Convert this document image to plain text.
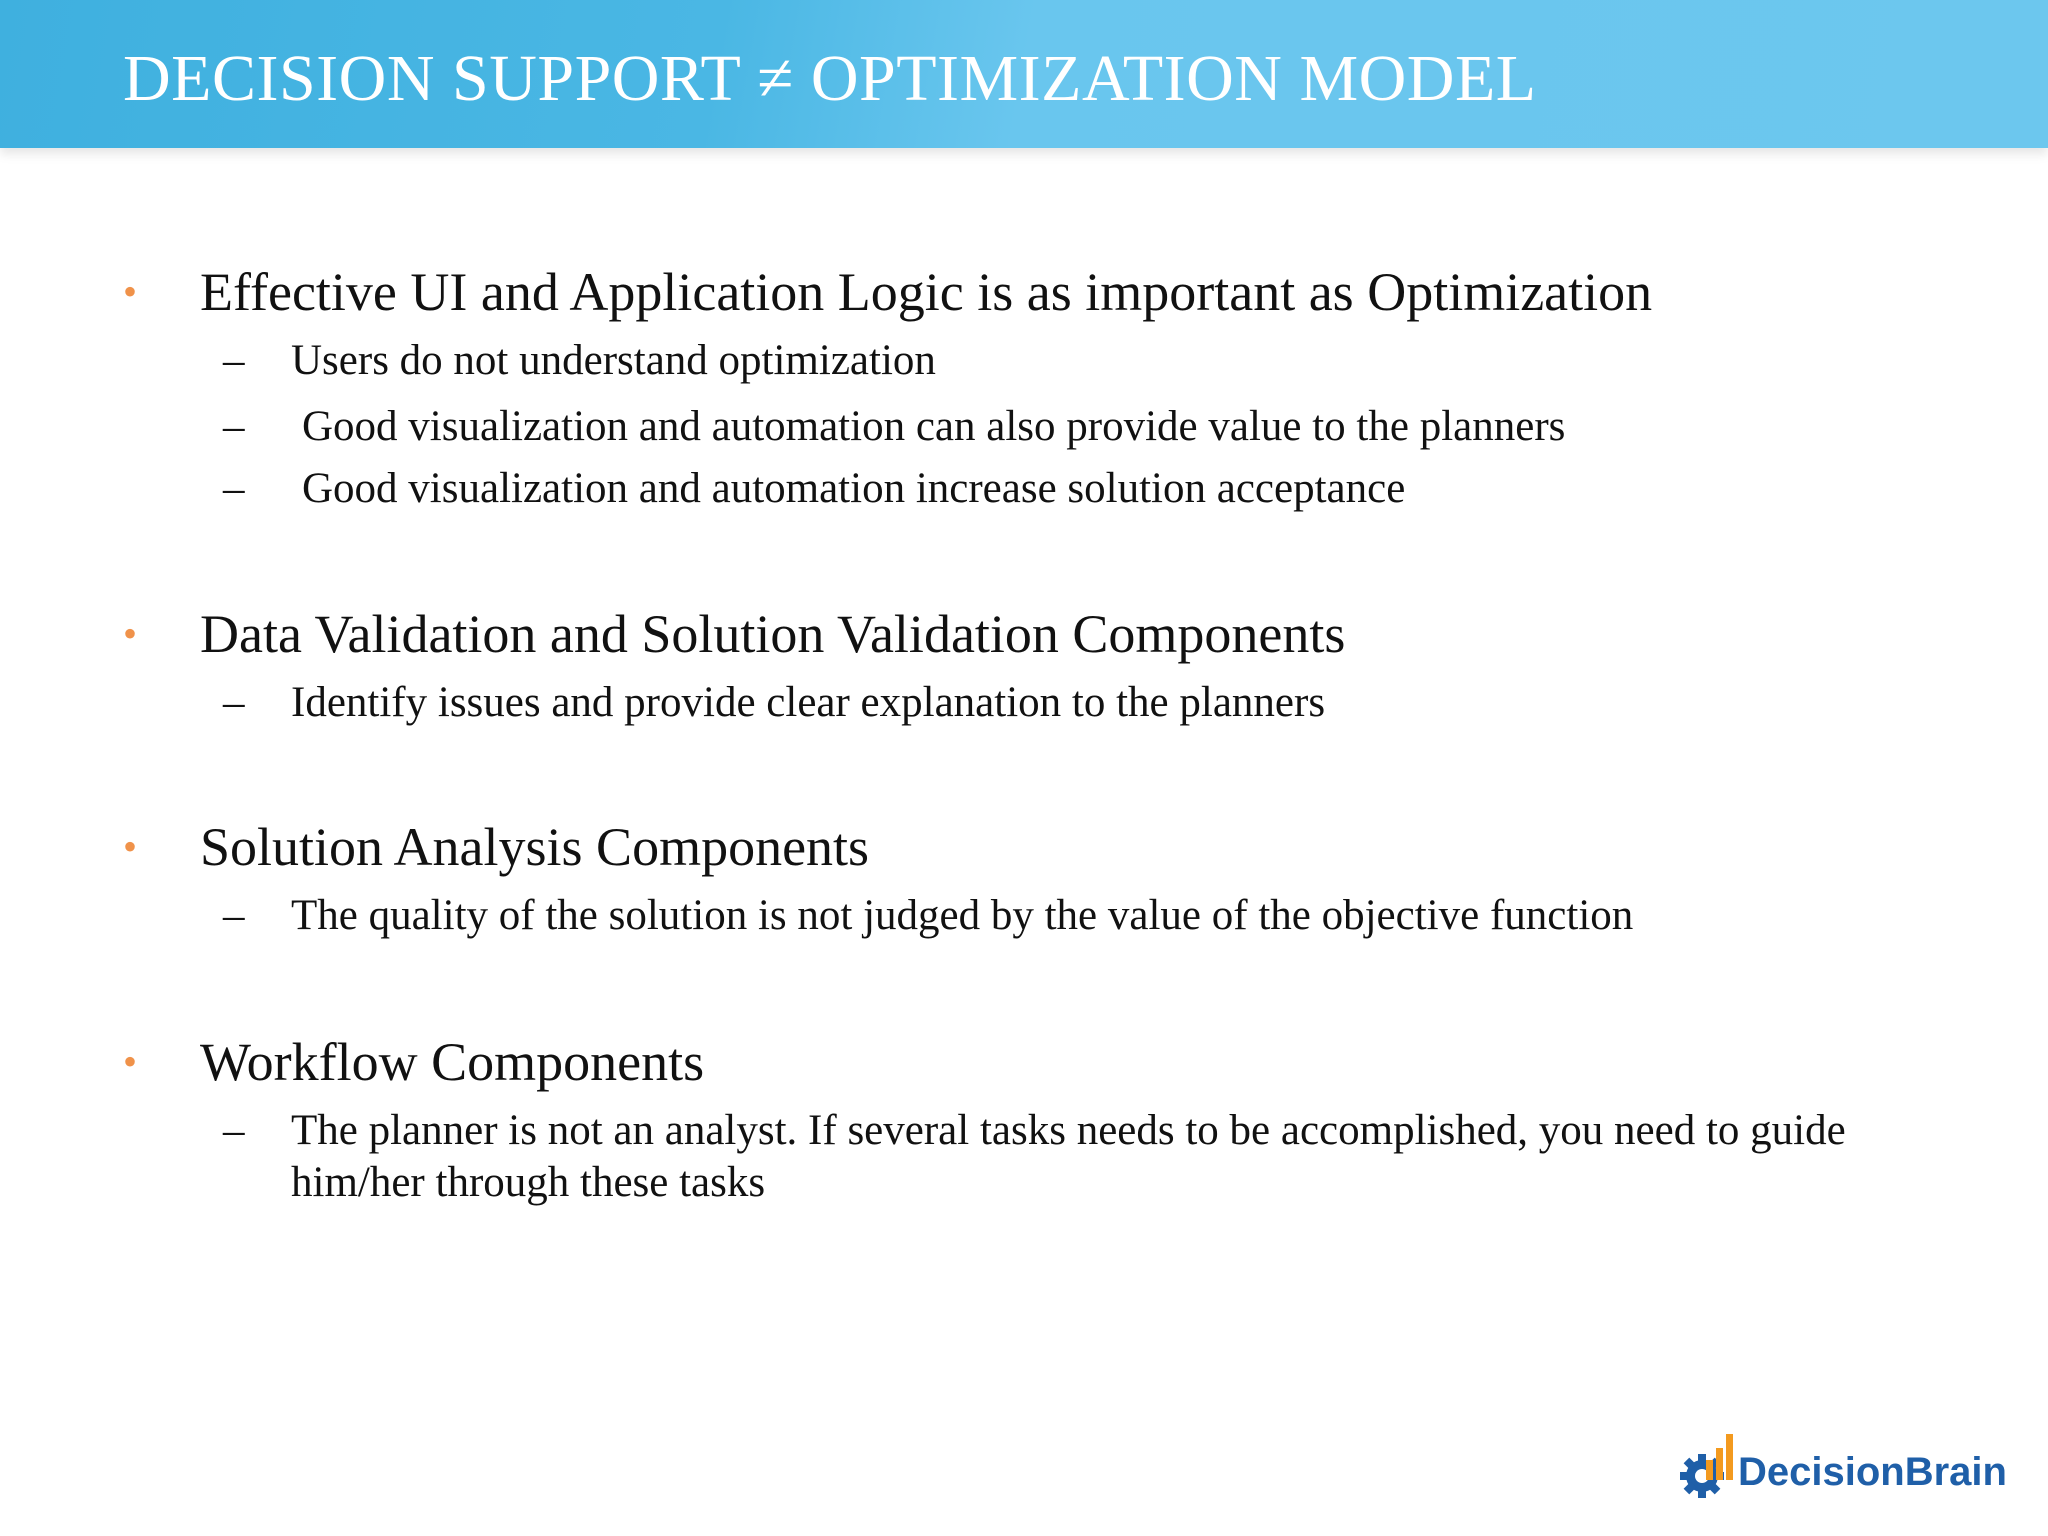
DECISION SUPPORT ≠ OPTIMIZATION MODEL
• Effective UI and Application Logic is as important as Optimization
– Users do not understand optimization
– Good visualization and automation can also provide value to the planners
– Good visualization and automation increase solution acceptance
• Data Validation and Solution Validation Components
– Identify issues and provide clear explanation to the planners
• Solution Analysis Components
– The quality of the solution is not judged by the value of the objective function
• Workflow Components
– The planner is not an analyst. If several tasks needs to be accomplished, you need to guide him/her through these tasks
DecisionBrain
